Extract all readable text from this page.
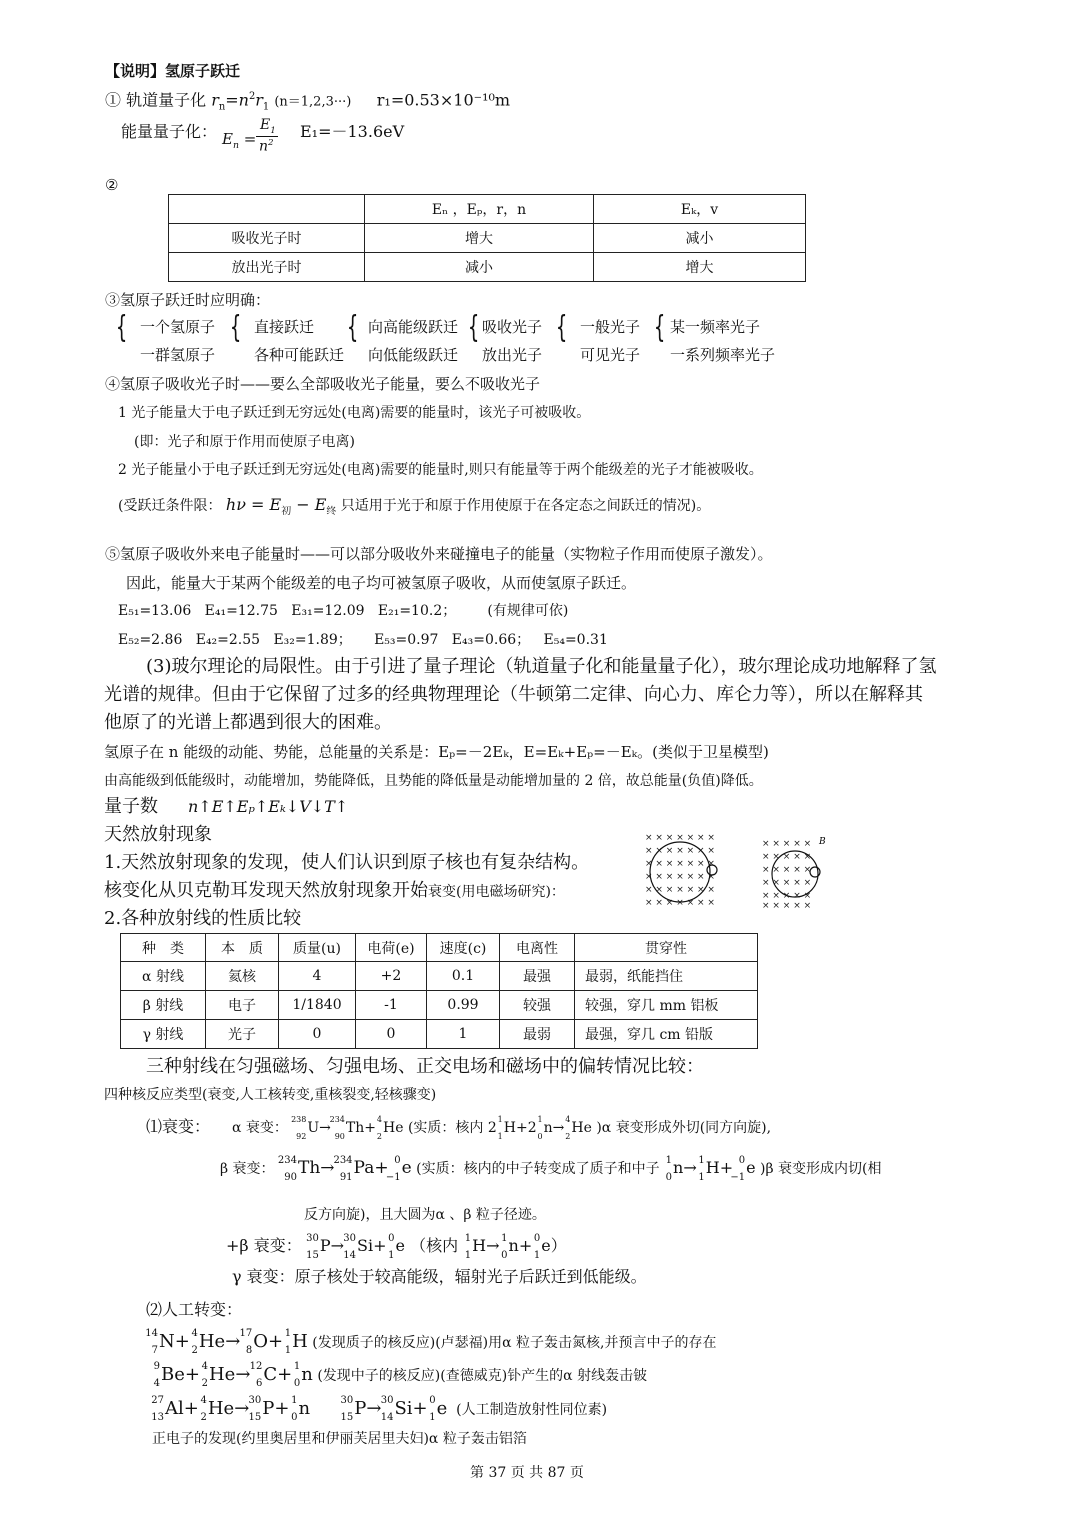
【说明】氢原子跃迁
① 轨道量子化 $r_n=n^2r_1$ (n＝1,2,3···) r₁=0.53×10⁻¹⁰m
能量量子化： $E_n$ =
$E_1$
$n^2$
E₁=－13.6eV
②
	Eₙ ，Eₚ，r，n	Eₖ，v
吸收光子时	增大	减小
放出光子时	减小	增大
③氢原子跃迁时应明确：
{ 一个氢原子
一群氢原子
{ 直接跃迁
各种可能跃迁
{ 向高能级跃迁
向低能级跃迁
{ 吸收光子
放出光子
{ 一般光子
可见光子
{ 某一频率光子
一系列频率光子
④氢原子吸收光子时——要么全部吸收光子能量，要么不吸收光子
1 光子能量大于电子跃迁到无穷远处(电离)需要的能量时，该光子可被吸收。
(即：光子和原于作用而使原子电离)
2 光子能量小于电子跃迁到无穷远处(电离)需要的能量时,则只有能量等于两个能级差的光子才能被吸收。
(受跃迁条件限： $h\nu = E_初 - E_终$ 只适用于光于和原于作用使原于在各定态之间跃迁的情况)。
⑤氢原子吸收外来电子能量时——可以部分吸收外来碰撞电子的能量（实物粒子作用而使原子激发）。
因此，能量大于某两个能级差的电子均可被氢原子吸收，从而使氢原子跃迁。
E₅₁=13.06 E₄₁=12.75 E₃₁=12.09 E₂₁=10.2； (有规律可依)
E₅₂=2.86 E₄₂=2.55 E₃₂=1.89； E₅₃=0.97 E₄₃=0.66； E₅₄=0.31
(3)玻尔理论的局限性。由于引进了量子理论（轨道量子化和能量量子化），玻尔理论成功地解释了氢
光谱的规律。但由于它保留了过多的经典物理理论（牛顿第二定律、向心力、库仑力等），所以在解释其
他原了的光谱上都遇到很大的困难。
氢原子在 n 能级的动能、势能，总能量的关系是：Eₚ=－2Eₖ，E=Eₖ+Eₚ=－Eₖ。(类似于卫星模型)
由高能级到低能级时，动能增加，势能降低，且势能的降低量是动能增加量的 2 倍，故总能量(负值)降低。
量子数 n↑E↑Eₚ↑Eₖ↓V↓T↑
天然放射现象
1.天然放射现象的发现，使人们认识到原子核也有复杂结构。
核变化从贝克勒耳发现天然放射现象开始衰变(用电磁场研究)：
2.各种放射线的性质比较
× × × × × × ×
× × × × × × ×
× × × × × × ×
× × × × × × ×
× × × × × × ×
× × × × × × ×
× × × × ×
× × × × ×
× × × × ×
× × × × ×
× × × × ×
× × × × ×
B
种　类	本　质	质量(u)	电荷(e)	速度(c)	电离性	贯穿性
α 射线	氦核	4	+2	0.1	最强	最弱，纸能挡住
β 射线	电子	1/1840	-1	0.99	较强	较强，穿几 mm 铝板
γ 射线	光子	0	0	1	最弱	最强，穿几 cm 铅版
三种射线在匀强磁场、匀强电场、正交电场和磁场中的偏转情况比较：
四种核反应类型(衰变,人工核转变,重核裂变,轻核骤变)
⑴衰变： α 衰变：
238
92
U→
234
90
Th+
4
2
He (实质：核内 2
1
1
H+2
1
0
n→
4
2
He )α 衰变形成外切(同方向旋),
β 衰变：
234
90 Th→
234
91 Pa+ 0
−1 e (实质：核内的中子转变成了质子和中子
1
0 n→ 1
1 H+ 0
−1 e )β 衰变形成内切(相
反方向旋)，且大圆为α 、β 粒子径迹。
+β 衰变： 30
15 P→ 30
14 Si+ 0
1 e （核内 1
1 H→ 1
0 n+ 0
1 e）
γ 衰变：原子核处于较高能级，辐射光子后跃迁到低能级。
⑵人工转变：
14
7 N+ 4
2 He→ 17
8 O+ 1
1 H (发现质子的核反应)(卢瑟福)用α 粒子轰击氮核,并预言中子的存在
9
4 Be+ 4
2 He→ 12
6 C+ 1
0 n (发现中子的核反应)(查德威克)钋产生的α 射线轰击铍
27
13 Al+ 4
2 He→ 30
15 P+ 1
0 n	30
15 P→ 30
14 Si+ 0
1 e (人工制造放射性同位素)
正电子的发现(约里奥居里和伊丽芙居里夫妇)α 粒子轰击铝箔
第 37 页 共 87 页
